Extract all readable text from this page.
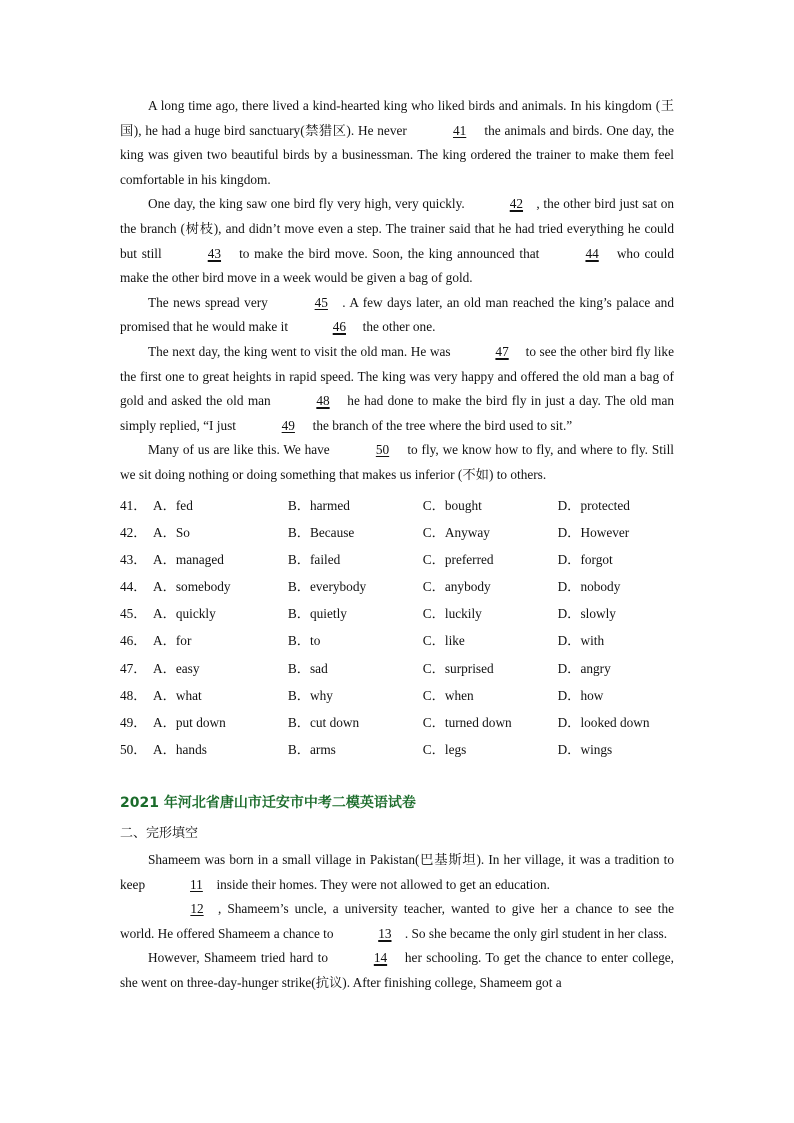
A long time ago, there lived a kind-hearted king who liked birds and animals. In his kingdom (王国), he had a huge bird sanctuary(禁猎区). He never	41 the animals and birds. One day, the king was given two beautiful birds by a businessman. The king ordered the trainer to make them feel comfortable in his kingdom.

One day, the king saw one bird fly very high, very quickly.	42 , the other bird just sat on the branch (树枝), and didn’t move even a step. The trainer said that he had tried everything he could but still	43 to make the bird move. Soon, the king announced that	44 who could make the other bird move in a week would be given a bag of gold.

The news spread very	45 . A few days later, an old man reached the king’s palace and promised that he would make it	46 the other one.

The next day, the king went to visit the old man. He was	47 to see the other bird fly like the first one to great heights in rapid speed. The king was very happy and offered the old man a bag of gold and asked the old man	48 he had done to make the bird fly in just a day. The old man simply replied, “I just	49 the branch of the tree where the bird used to sit.”

Many of us are like this. We have	50 to fly, we know how to fly, and where to fly. Still we sit doing nothing or doing something that makes us inferior (不如) to others.

41． A．fed	B．harmed	C．bought	D．protected
42． A．So	B．Because	C．Anyway	D．However
43． A．managed	B．failed	C．preferred	D．forgot
44． A．somebody	B．everybody	C．anybody	D．nobody
45． A．quickly	B．quietly	C．luckily	D．slowly
46． A．for	B．to	C．like	D．with
47． A．easy	B．sad	C．surprised	D．angry
48． A．what	B．why	C．when	D．how
49． A．put down	B．cut down	C．turned down	D．looked down
50． A．hands	B．arms	C．legs	D．wings
2021 年河北省唐山市迁安市中考二模英语试卷
二、完形填空

Shameem was born in a small village in Pakistan(巴基斯坦). In her village, it was a tradition to keep	11 inside their homes. They were not allowed to get an education.

12 , Shameem’s uncle, a university teacher, wanted to give her a chance to see the world. He offered Shameem a chance to	13 . So she became the only girl student in her class.

However, Shameem tried hard to	14 her schooling. To get the chance to enter college, she went on three-day-hunger strike(抗议). After finishing college, Shameem got a
